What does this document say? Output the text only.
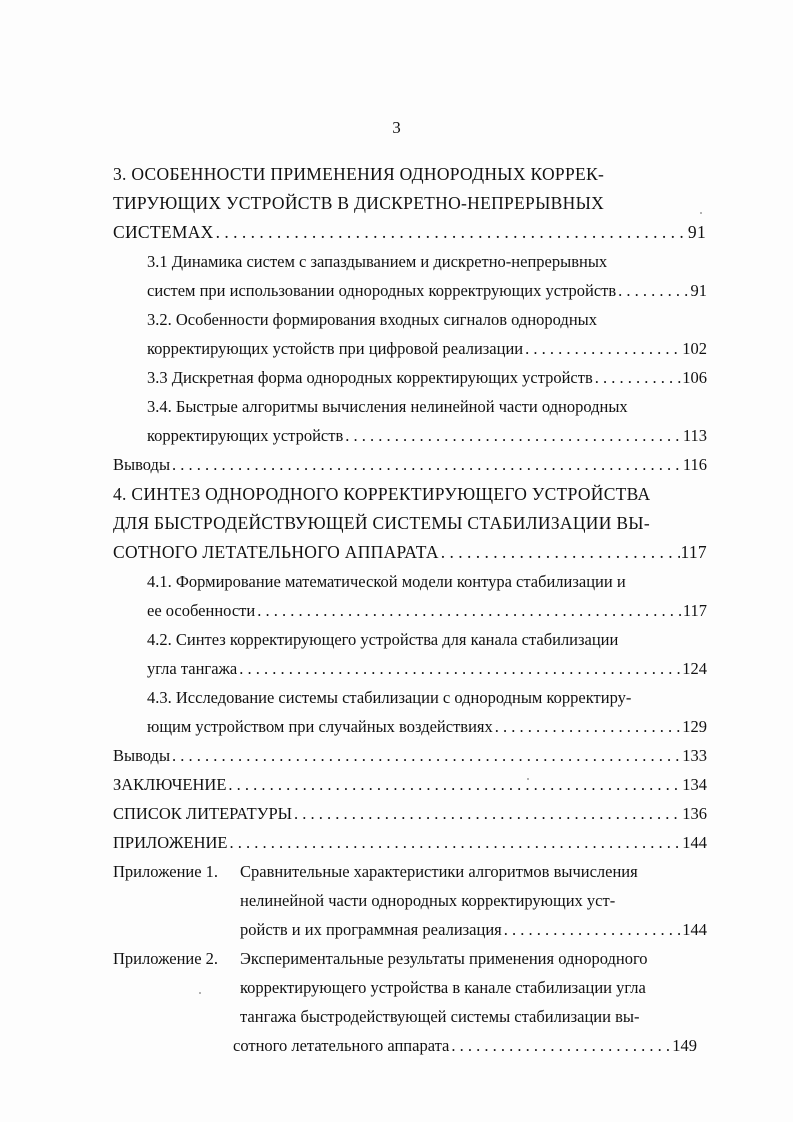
3
3. ОСОБЕННОСТИ ПРИМЕНЕНИЯ ОДНОРОДНЫХ КОРРЕК-
ТИРУЮЩИХ УСТРОЙСТВ В ДИСКРЕТНО-НЕПРЕРЫВНЫХ
СИСТЕМАХ . . .	91
3.1 Динамика систем с запаздыванием и дискретно-непрерывных
систем при использовании однородных корректрующих устройств . . .	91
3.2. Особенности формирования входных сигналов однородных
корректирующих устойств при цифровой реализации . . .	102
3.3 Дискретная форма однородных корректирующих устройств . . .	106
3.4. Быстрые алгоритмы вычисления нелинейной части однородных
корректирующих устройств . . .	113
Выводы . . .	116
4. СИНТЕЗ ОДНОРОДНОГО КОРРЕКТИРУЮЩЕГО УСТРОЙСТВА
ДЛЯ БЫСТРОДЕЙСТВУЮЩЕЙ СИСТЕМЫ СТАБИЛИЗАЦИИ ВЫ-
СОТНОГО ЛЕТАТЕЛЬНОГО АППАРАТА . . .	117
4.1. Формирование математической модели контура стабилизации и
ее особенности . . .	117
4.2. Синтез корректирующего устройства для канала стабилизации
угла тангажа . . .	124
4.3. Исследование системы стабилизации с однородным корректиру-
ющим устройством при случайных воздействиях . . .	129
Выводы . . .	133
ЗАКЛЮЧЕНИЕ . . .	134
СПИСОК ЛИТЕРАТУРЫ . . .	136
ПРИЛОЖЕНИЕ . . .	144
Приложение 1.	Сравнительные характеристики алгоритмов вычисления
нелинейной части однородных корректирующих уст-
ройств и их программная реализация . . .	144
Приложение 2.	Экспериментальные результаты применения однородного
корректирующего устройства в канале стабилизации угла
тангажа быстродействующей системы стабилизации вы-
сотного летательного аппарата . . .	149
